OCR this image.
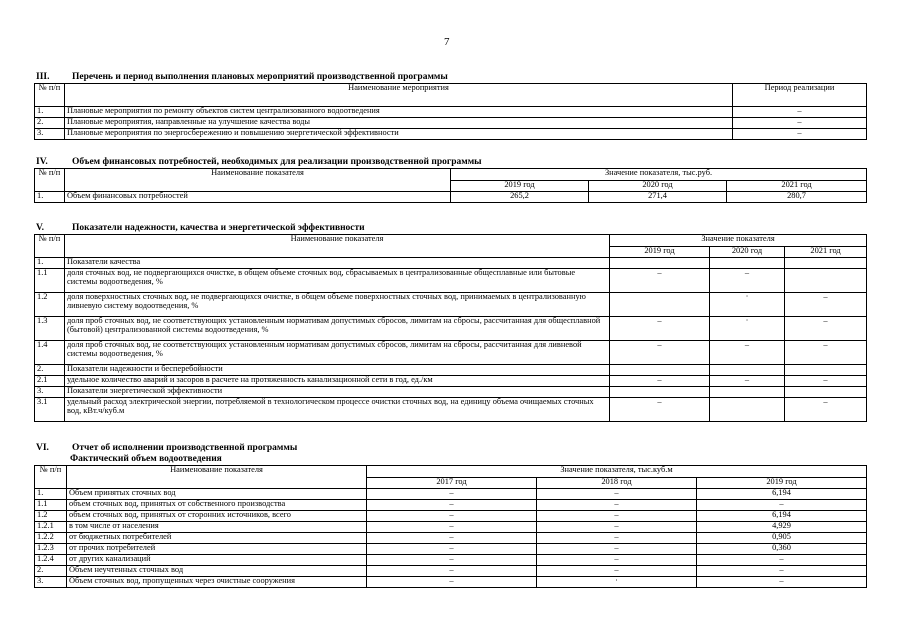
7
III. Перечень и период выполнения плановых мероприятий производственной программы
№ п/п	Наименование мероприятия	Период реализации
1.	Плановые мероприятия по ремонту объектов систем централизованного водоотведения	–
2.	Плановые мероприятия, направленные на улучшение качества воды	–
3.	Плановые мероприятия по энергосбережению и повышению энергетической эффективности	–
IV.	Объем финансовых потребностей, необходимых для реализации производственной программы
№ п/п	Наименование показателя	Значение показателя, тыс.руб.		
		2019 год	2020 год	2021 год
1.	Объем финансовых потребностей	265,2	271,4	280,7
V.	Показатели надежности, качества и энергетической эффективности
№ п/п	Наименование показателя	Значение показателя		
		2019 год	2020 год	2021 год
1.	Показатели качества			
1.1	доля сточных вод, не подвергающихся очистке, в общем объеме сточных вод, сбрасываемых в централизованные общесплавные или бытовые системы водоотведения, %	–	–	
1.2	доля поверхностных сточных вод, не подвергающихся очистке, в общем объеме поверхностных сточных вод, принимаемых в централизованную ливневую систему водоотведения, %		·	–
1.3	доля проб сточных вод, не соответствующих установленным нормативам допустимых сбросов, лимитам на сбросы, рассчитанная для общесплавной (бытовой) централизованной системы водоотведения, %	–	·	–
1.4	доля проб сточных вод, не соответствующих установленным нормативам допустимых сбросов, лимитам на сбросы, рассчитанная для ливневой системы водоотведения, %	–	–	–
2.	Показатели надежности и бесперебойности			
2.1	удельное количество аварий и засоров в расчете на протяженность канализационной сети в год, ед./км	–	–	–
3.	Показатели энергетической эффективности			
3.1	удельный расход электрической энергии, потребляемой в технологическом процессе очистки сточных вод, на единицу объема очищаемых сточных вод, кВт.ч/куб.м	–		–
VI. Отчет об исполнении производственной программы
Фактический объем водоотведения
№ п/п	Наименование показателя	Значение показателя, тыс.куб.м		
		2017 год	2018 год	2019 год
1.	Объем принятых сточных вод	–	–	6,194
1.1	объем сточных вод, принятых от собственного производства	–	–	–
1.2	объем сточных вод, принятых от сторонних источников, всего	–	–	6,194
1.2.1	в том числе от населения	–	–	4,929
1.2.2	от бюджетных потребителей	–	–	0,905
1.2.3	от прочих потребителей	–	–	0,360
1.2.4	от других канализаций	–	–	–
2.	Объем неучтенных сточных вод	–	–	–
3.	Объем сточных вод, пропущенных через очистные сооружения	–	·	–
